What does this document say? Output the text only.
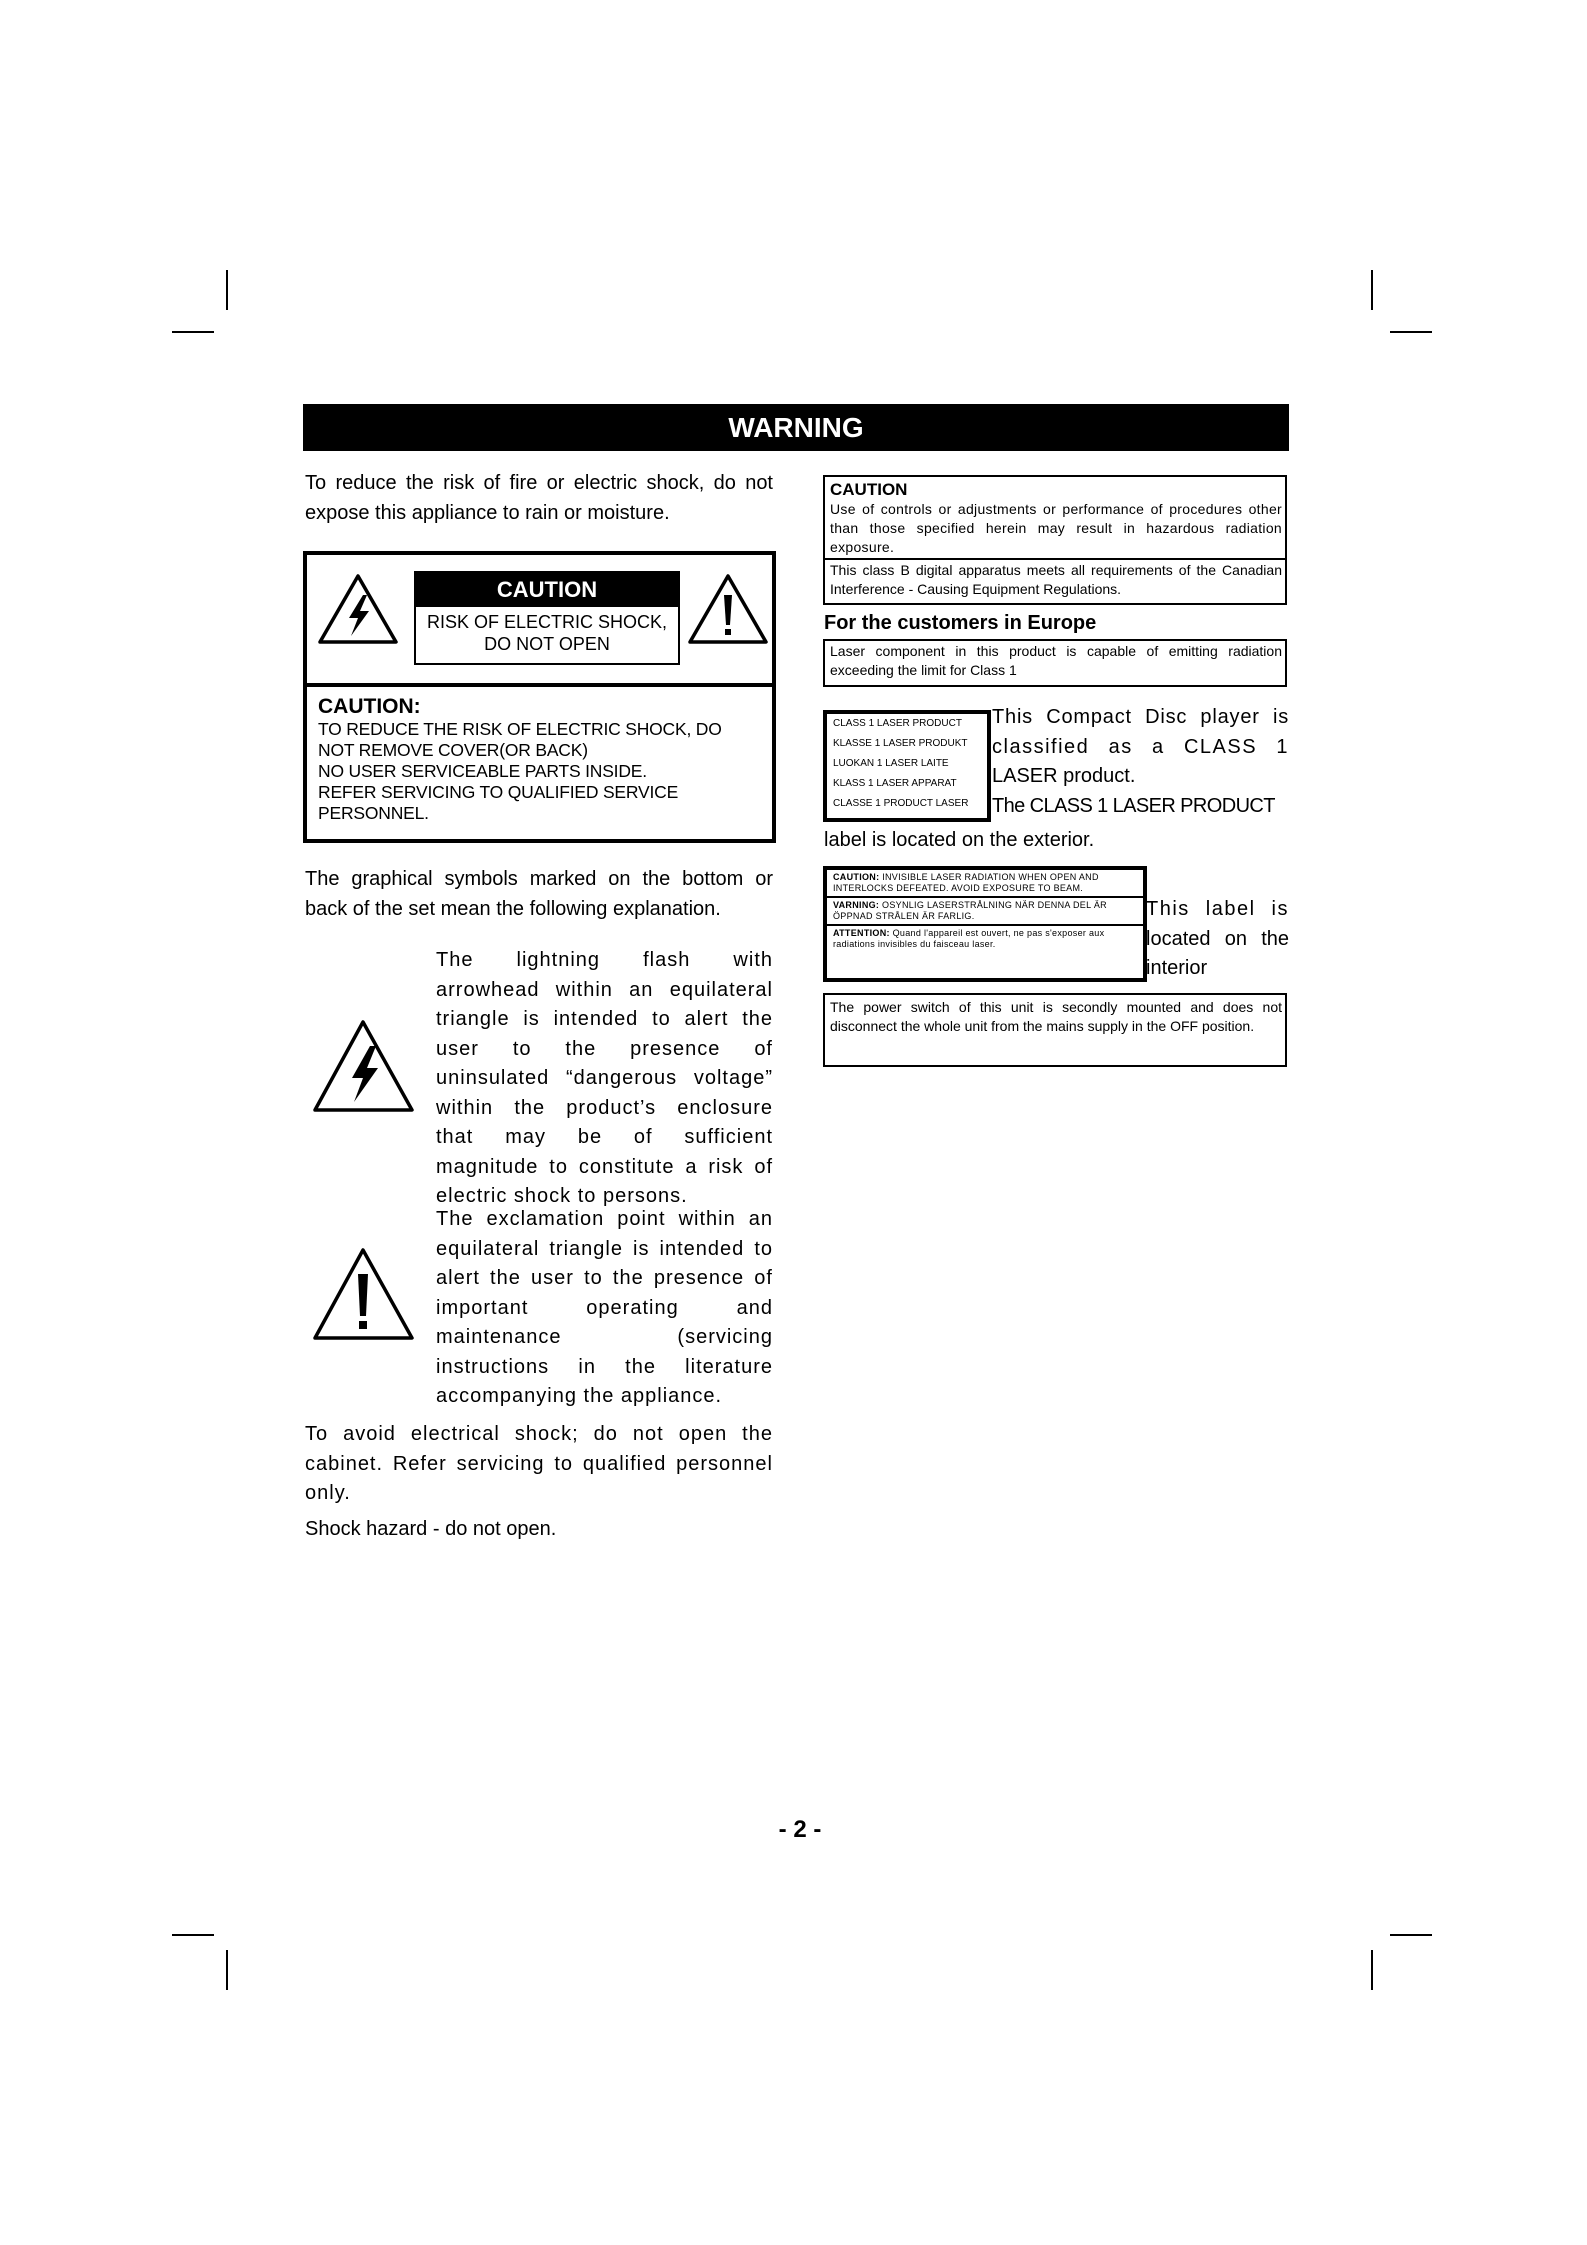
WARNING
To reduce the risk of fire or electric shock, do not expose this appliance to rain or moisture.
CAUTION
RISK OF ELECTRIC SHOCK,
DO NOT OPEN
CAUTION:
TO REDUCE THE RISK OF ELECTRIC SHOCK, DO
NOT REMOVE COVER(OR BACK)
NO USER SERVICEABLE PARTS INSIDE.
REFER SERVICING TO QUALIFIED SERVICE
PERSONNEL.
The graphical symbols marked on the bottom or back of the set mean the following explanation.
The lightning flash with arrowhead within an equilateral triangle is intended to alert the user to the presence of uninsulated “dangerous voltage” within the product’s enclosure that may be of sufficient magnitude to constitute a risk of electric shock to persons.
The exclamation point within an equilateral triangle is intended to alert the user to the presence of important operating and maintenance (servicing instructions in the literature accompanying the appliance.
To avoid electrical shock; do not open the cabinet. Refer servicing to qualified personnel only.
Shock hazard - do not open.
CAUTION
Use of controls or adjustments or performance of procedures other than those specified herein may result in hazardous radiation exposure.
This class B digital apparatus meets all requirements of the Canadian Interference - Causing Equipment Regulations.
For the customers in Europe
Laser component in this product is capable of emitting radiation exceeding the limit for Class 1
CLASS 1 LASER PRODUCT
KLASSE 1 LASER PRODUKT
LUOKAN 1 LASER LAITE
KLASS 1 LASER APPARAT
CLASSE 1 PRODUCT LASER
This Compact Disc player is
classified as a CLASS 1
LASER product.
The CLASS 1 LASER PRODUCT
label is located on the exterior.
CAUTION: INVISIBLE LASER RADIATION WHEN OPEN AND INTERLOCKS DEFEATED. AVOID EXPOSURE TO BEAM.
VARNING: OSYNLIG LASERSTRÅLNING NÄR DENNA DEL ÄR ÖPPNAD STRÅLEN ÄR FARLIG.
ATTENTION: Quand l'appareil est ouvert, ne pas s'exposer aux radiations invisibles du faisceau laser.
This label is
located on the
interior
The power switch of this unit is secondly mounted and does not disconnect the whole unit from the mains supply in the OFF position.
- 2 -
